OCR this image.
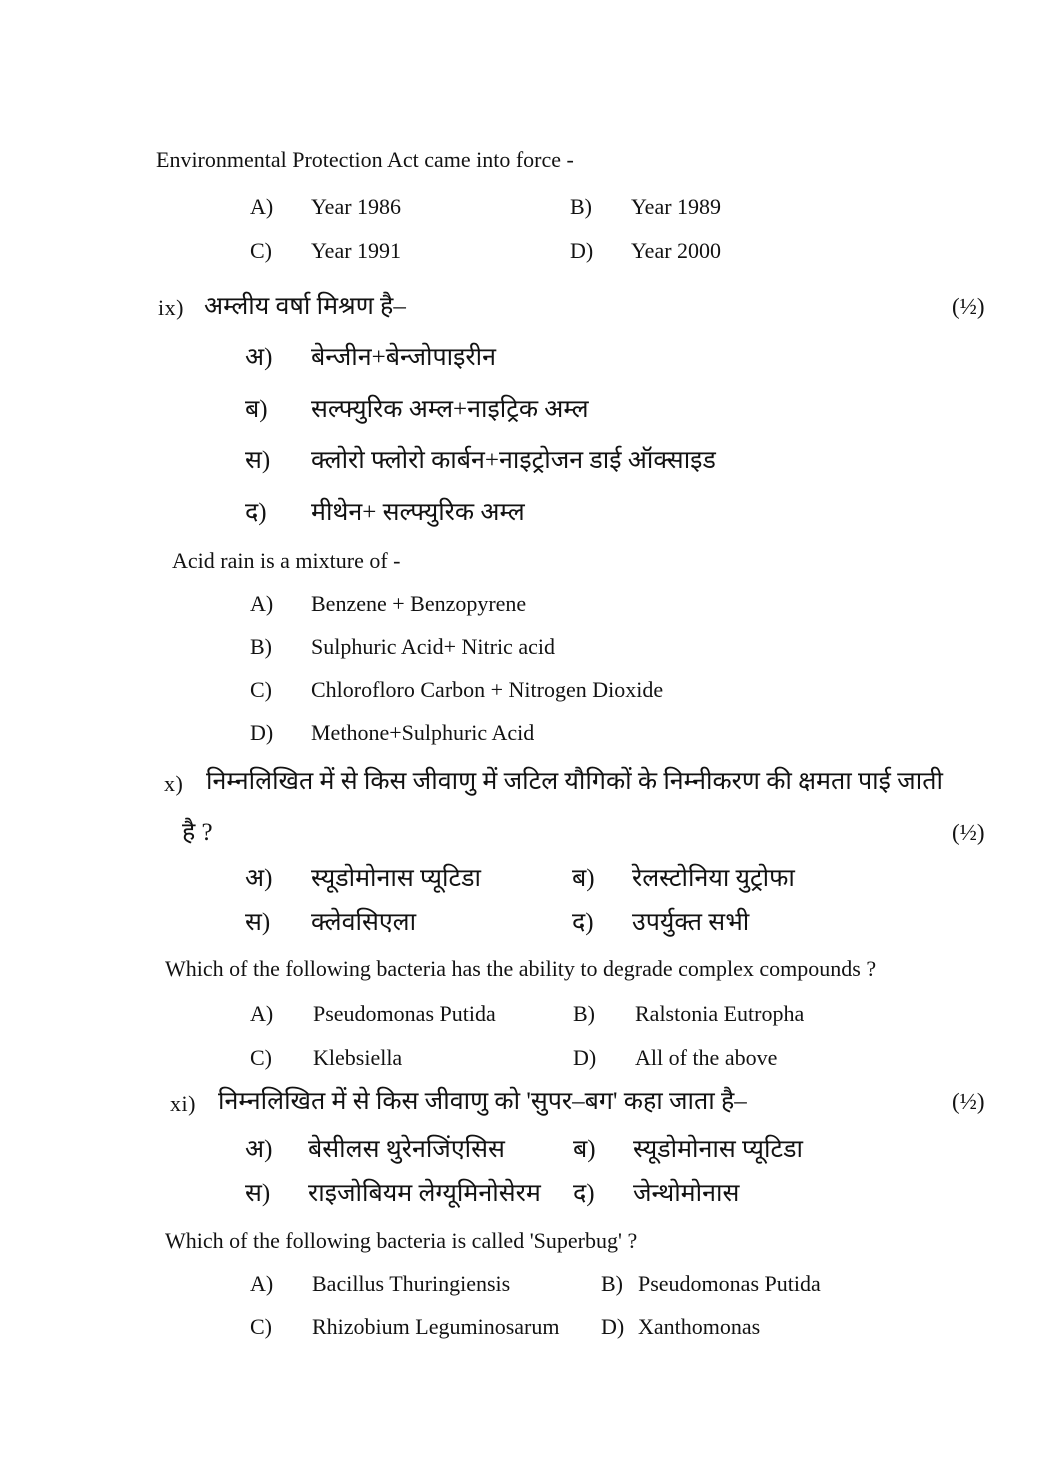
Environmental Protection Act came into force -
A) Year 1986	B) Year 1989
C) Year 1991	D) Year 2000
ix) अम्लीय वर्षा मिश्रण है–	(½)
अ) बेन्जीन+बेन्जोपाइरीन
ब) सल्फ्युरिक अम्ल+नाइट्रिक अम्ल
स) क्लोरो फ्लोरो कार्बन+नाइट्रोजन डाई ऑक्साइड
द) मीथेन+ सल्फ्युरिक अम्ल
Acid rain is a mixture of -
A) Benzene + Benzopyrene
B) Sulphuric Acid+ Nitric acid
C) Chlorofloro Carbon + Nitrogen Dioxide
D) Methone+Sulphuric Acid
x) निम्नलिखित में से किस जीवाणु में जटिल यौगिकों के निम्नीकरण की क्षमता पाई जाती
है ?	(½)
अ) स्यूडोमोनास प्यूटिडा	ब) रेलस्टोनिया युट्रोफा
स) क्लेवसिएला	द) उपर्युक्त सभी
Which of the following bacteria has the ability to degrade complex compounds ?
A) Pseudomonas Putida	B) Ralstonia Eutropha
C) Klebsiella	D) All of the above
xi) निम्नलिखित में से किस जीवाणु को 'सुपर–बग' कहा जाता है–	(½)
अ) बेसीलस थुरेनजिंएसिस	ब) स्यूडोमोनास प्यूटिडा
स) राइजोबियम लेग्यूमिनोसेरम द) जेन्थोमोनास
Which of the following bacteria is called 'Superbug' ?
A) Bacillus Thuringiensis	B) Pseudomonas Putida
C) Rhizobium Leguminosarum D) Xanthomonas
